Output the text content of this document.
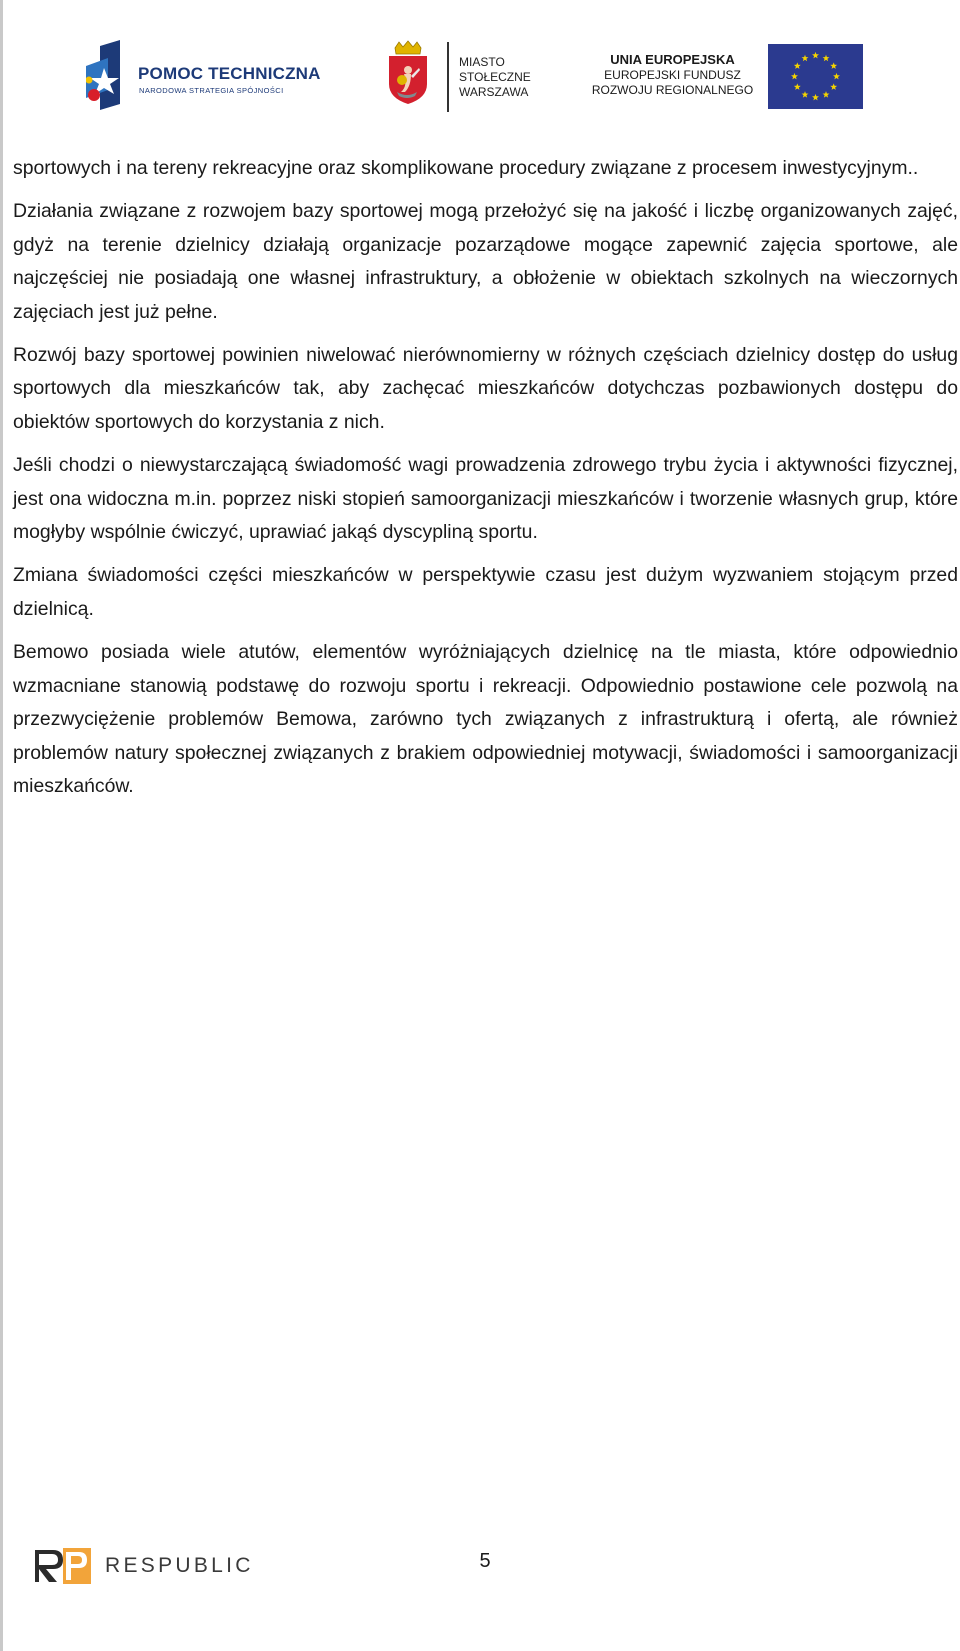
POMOC TECHNICZNA
NARODOWA STRATEGIA SPÓJNOŚCI
MIASTO
STOŁECZNE
WARSZAWA
UNIA EUROPEJSKA
EUROPEJSKI FUNDUSZ
ROZWOJU REGIONALNEGO

sportowych i na tereny rekreacyjne oraz skomplikowane procedury związane z procesem inwestycyjnym..

Działania związane z rozwojem bazy sportowej mogą przełożyć się na jakość i liczbę organizowanych zajęć, gdyż na terenie dzielnicy działają organizacje pozarządowe mogące zapewnić zajęcia sportowe, ale najczęściej nie posiadają one własnej infrastruktury, a obłożenie w obiektach szkolnych na wieczornych zajęciach jest już pełne.

Rozwój bazy sportowej powinien niwelować nierównomierny w różnych częściach dzielnicy dostęp do usług sportowych dla mieszkańców tak, aby zachęcać mieszkańców dotychczas pozbawionych dostępu do obiektów sportowych do korzystania z nich.

Jeśli chodzi o niewystarczającą świadomość wagi prowadzenia zdrowego trybu życia i aktywności fizycznej, jest ona widoczna m.in. poprzez niski stopień samoorganizacji mieszkańców i tworzenie własnych grup, które mogłyby wspólnie ćwiczyć, uprawiać jakąś dyscypliną sportu.

Zmiana świadomości części mieszkańców w perspektywie czasu jest dużym wyzwaniem stojącym przed dzielnicą.

Bemowo posiada wiele atutów, elementów wyróżniających dzielnicę na tle miasta, które odpowiednio wzmacniane stanowią podstawę do rozwoju sportu i rekreacji. Odpowiednio postawione cele pozwolą na przezwyciężenie problemów Bemowa, zarówno tych związanych z infrastrukturą i ofertą, ale również problemów natury społecznej związanych z brakiem odpowiedniej motywacji, świadomości i samoorganizacji mieszkańców.

RESPUBLIC	5
